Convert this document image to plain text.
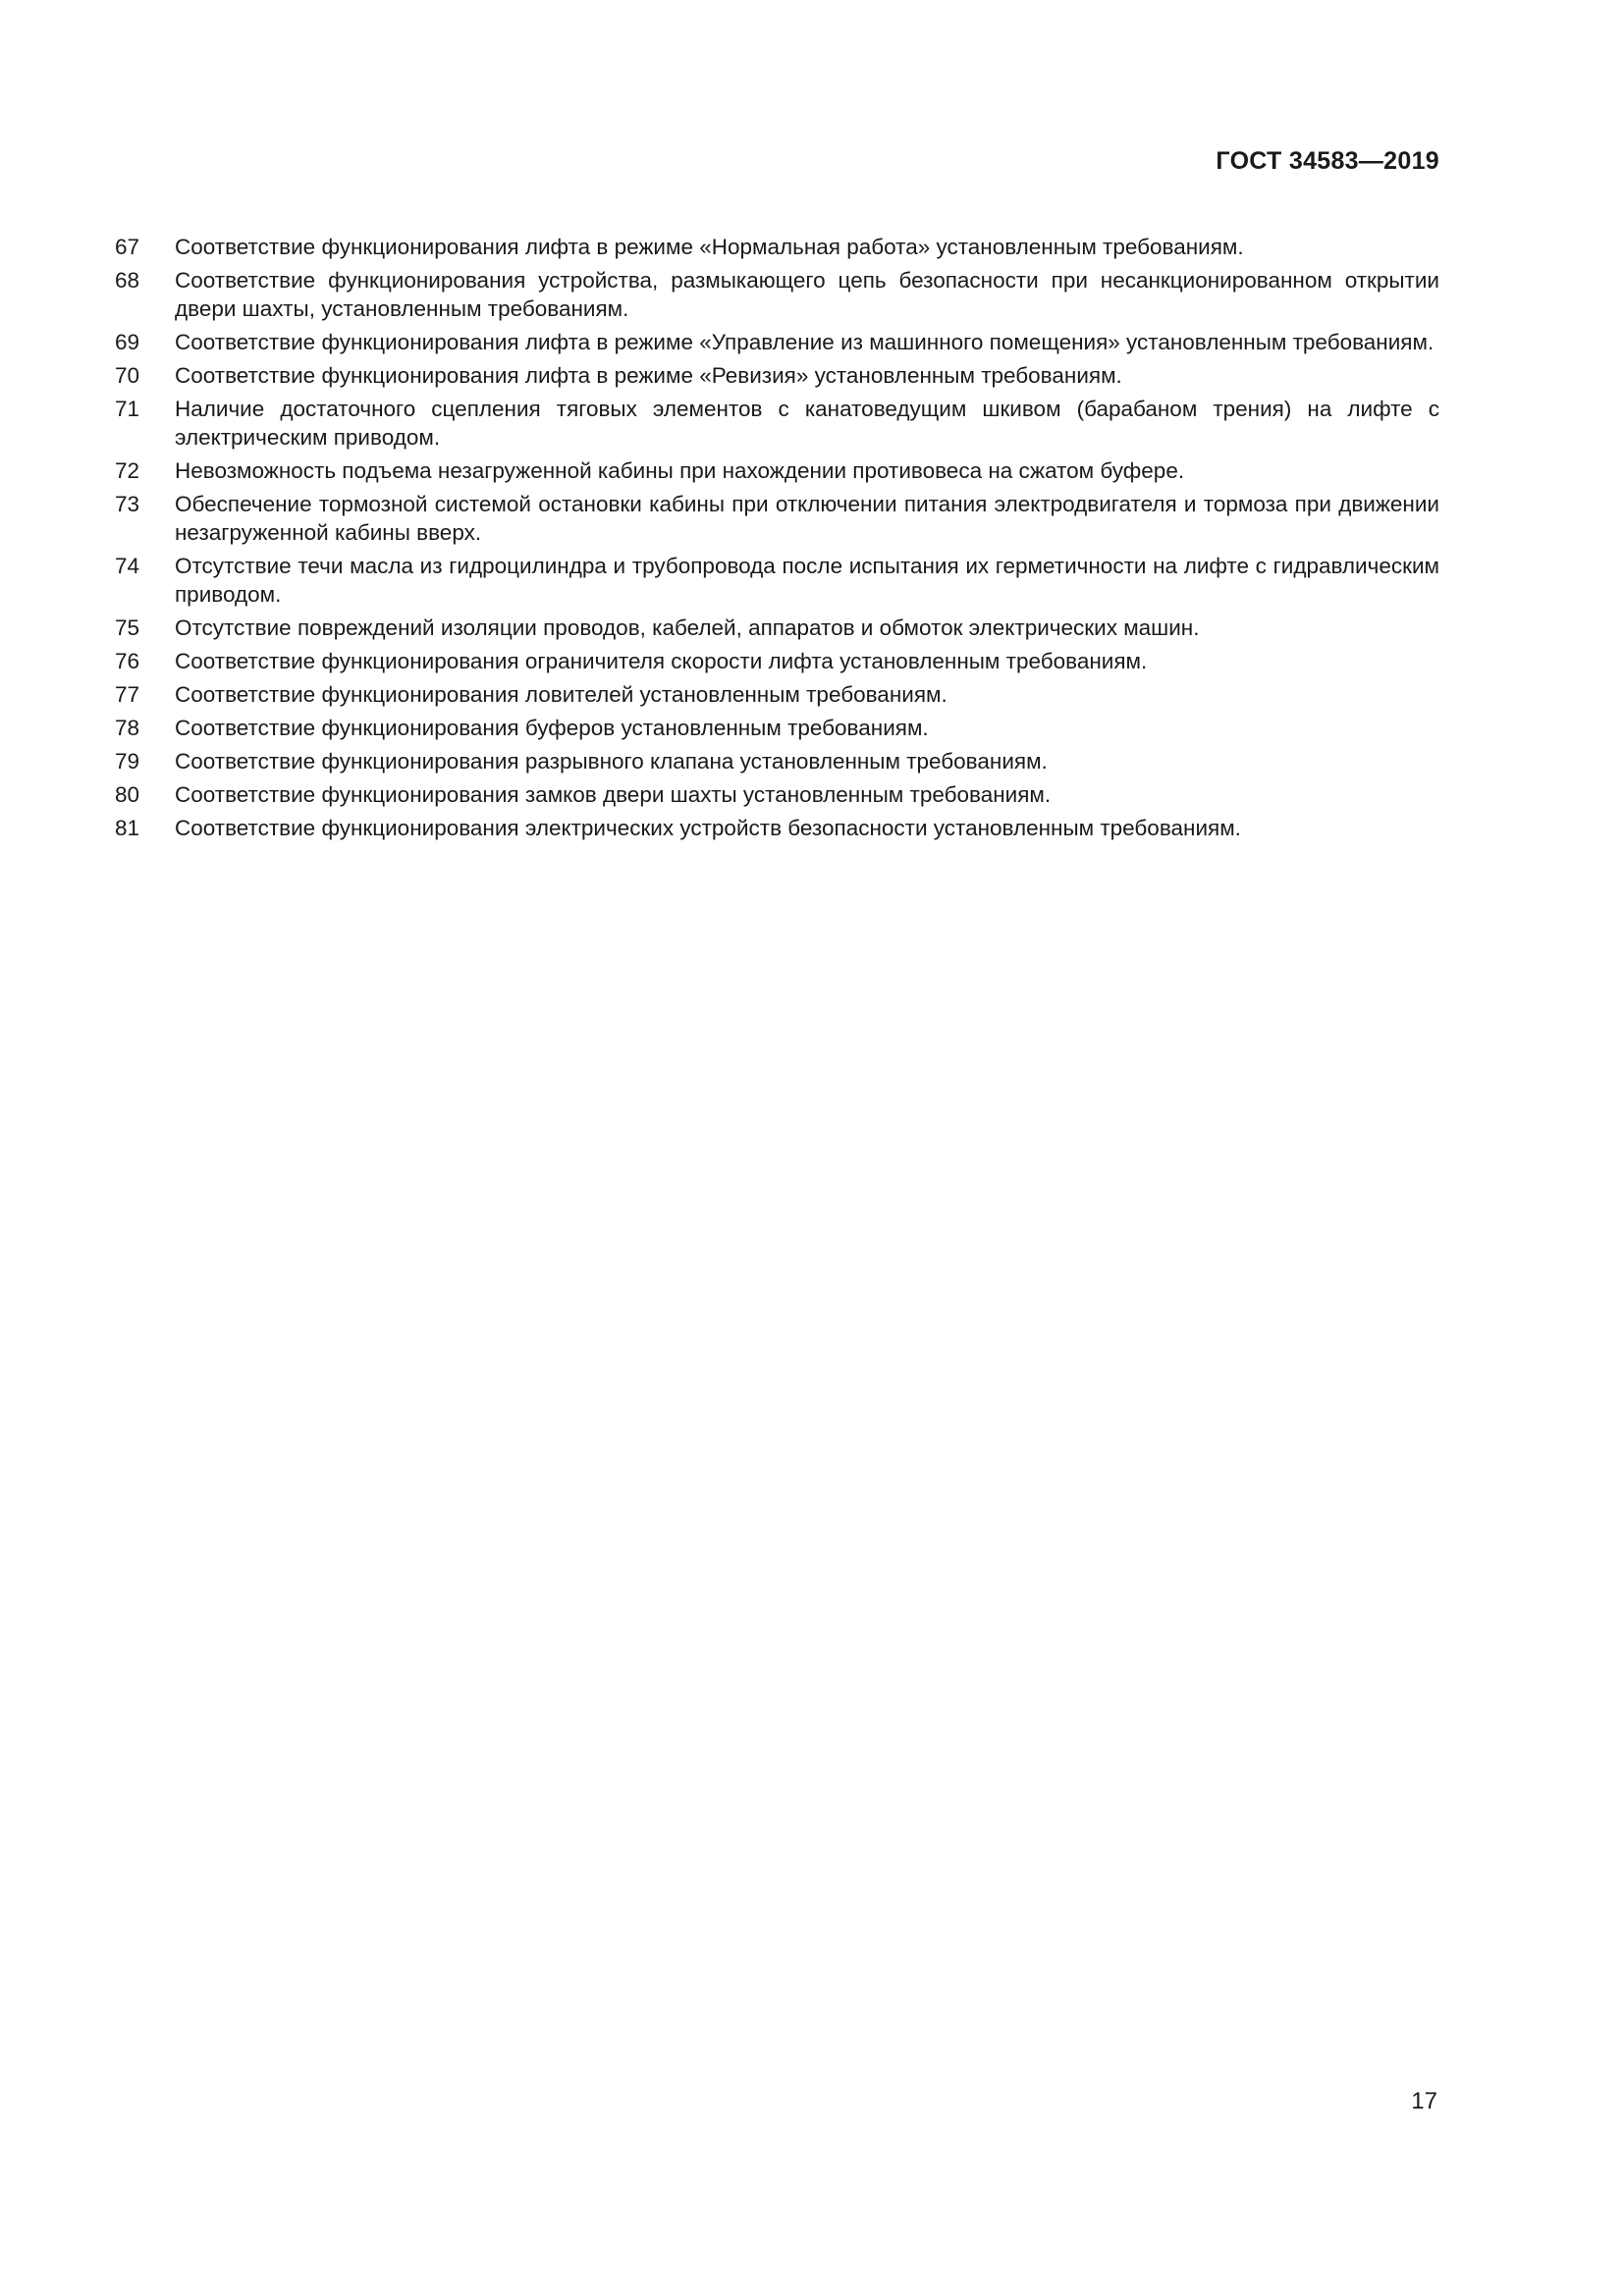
ГОСТ 34583—2019
67	Соответствие функционирования лифта в режиме «Нормальная работа» установленным требованиям.
68	Соответствие функционирования устройства, размыкающего цепь безопасности при несанкционированном открытии двери шахты, установленным требованиям.
69	Соответствие функционирования лифта в режиме «Управление из машинного помещения» установленным требованиям.
70	Соответствие функционирования лифта в режиме «Ревизия» установленным требованиям.
71	Наличие достаточного сцепления тяговых элементов с канатоведущим шкивом (барабаном трения) на лифте с электрическим приводом.
72	Невозможность подъема незагруженной кабины при нахождении противовеса на сжатом буфере.
73	Обеспечение тормозной системой остановки кабины при отключении питания электродвигателя и тормоза при движении незагруженной кабины вверх.
74	Отсутствие течи масла из гидроцилиндра и трубопровода после испытания их герметичности на лифте с гидравлическим приводом.
75	Отсутствие повреждений изоляции проводов, кабелей, аппаратов и обмоток электрических машин.
76	Соответствие функционирования ограничителя скорости лифта установленным требованиям.
77	Соответствие функционирования ловителей установленным требованиям.
78	Соответствие функционирования буферов установленным требованиям.
79	Соответствие функционирования разрывного клапана установленным требованиям.
80	Соответствие функционирования замков двери шахты установленным требованиям.
81	Соответствие функционирования электрических устройств безопасности установленным требованиям.
17
